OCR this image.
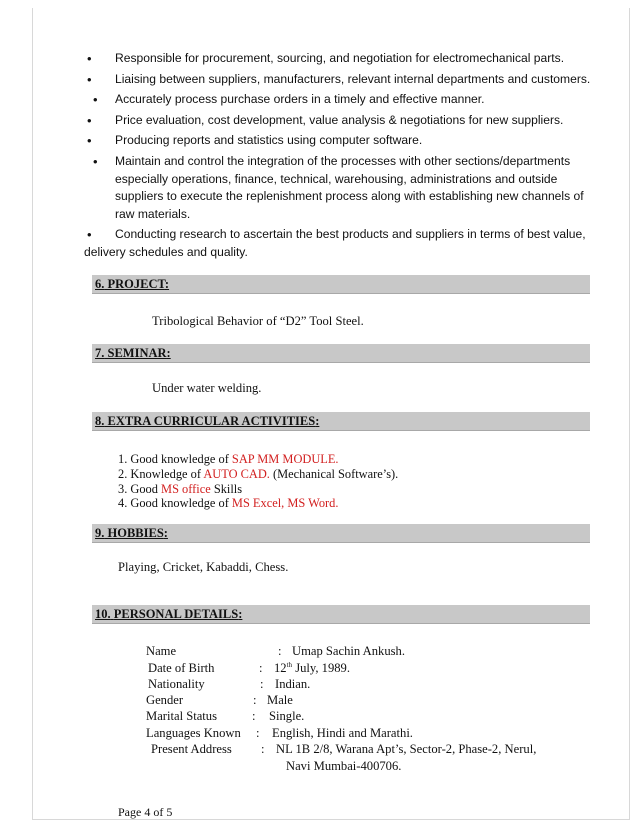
• Responsible for procurement, sourcing, and negotiation for electromechanical parts.
• Liaising between suppliers, manufacturers, relevant internal departments and customers.
• Accurately process purchase orders in a timely and effective manner.
• Price evaluation, cost development, value analysis & negotiations for new suppliers.
• Producing reports and statistics using computer software.
• Maintain and control the integration of the processes with other sections/departments especially operations, finance, technical, warehousing, administrations and outside suppliers to execute the replenishment process along with establishing new channels of raw materials.
• Conducting research to ascertain the best products and suppliers in terms of best value, delivery schedules and quality.
6. PROJECT:
Tribological Behavior of “D2” Tool Steel.
7. SEMINAR:
Under water welding.
8. EXTRA CURRICULAR ACTIVITIES:
1. Good knowledge of SAP MM MODULE.
2. Knowledge of AUTO CAD. (Mechanical Software’s).
3. Good MS office Skills
4. Good knowledge of MS Excel, MS Word.
9. HOBBIES:
Playing, Cricket, Kabaddi, Chess.
10. PERSONAL DETAILS:
Name	: Umap Sachin Ankush.
Date of Birth	: 12th July, 1989.
Nationality	: Indian.
Gender	: Male
Marital Status	: Single.
Languages Known : English, Hindi and Marathi.
Present Address : NL 1B 2/8, Warana Apt’s, Sector-2, Phase-2, Nerul,
Navi Mumbai-400706.
Page 4 of 5
